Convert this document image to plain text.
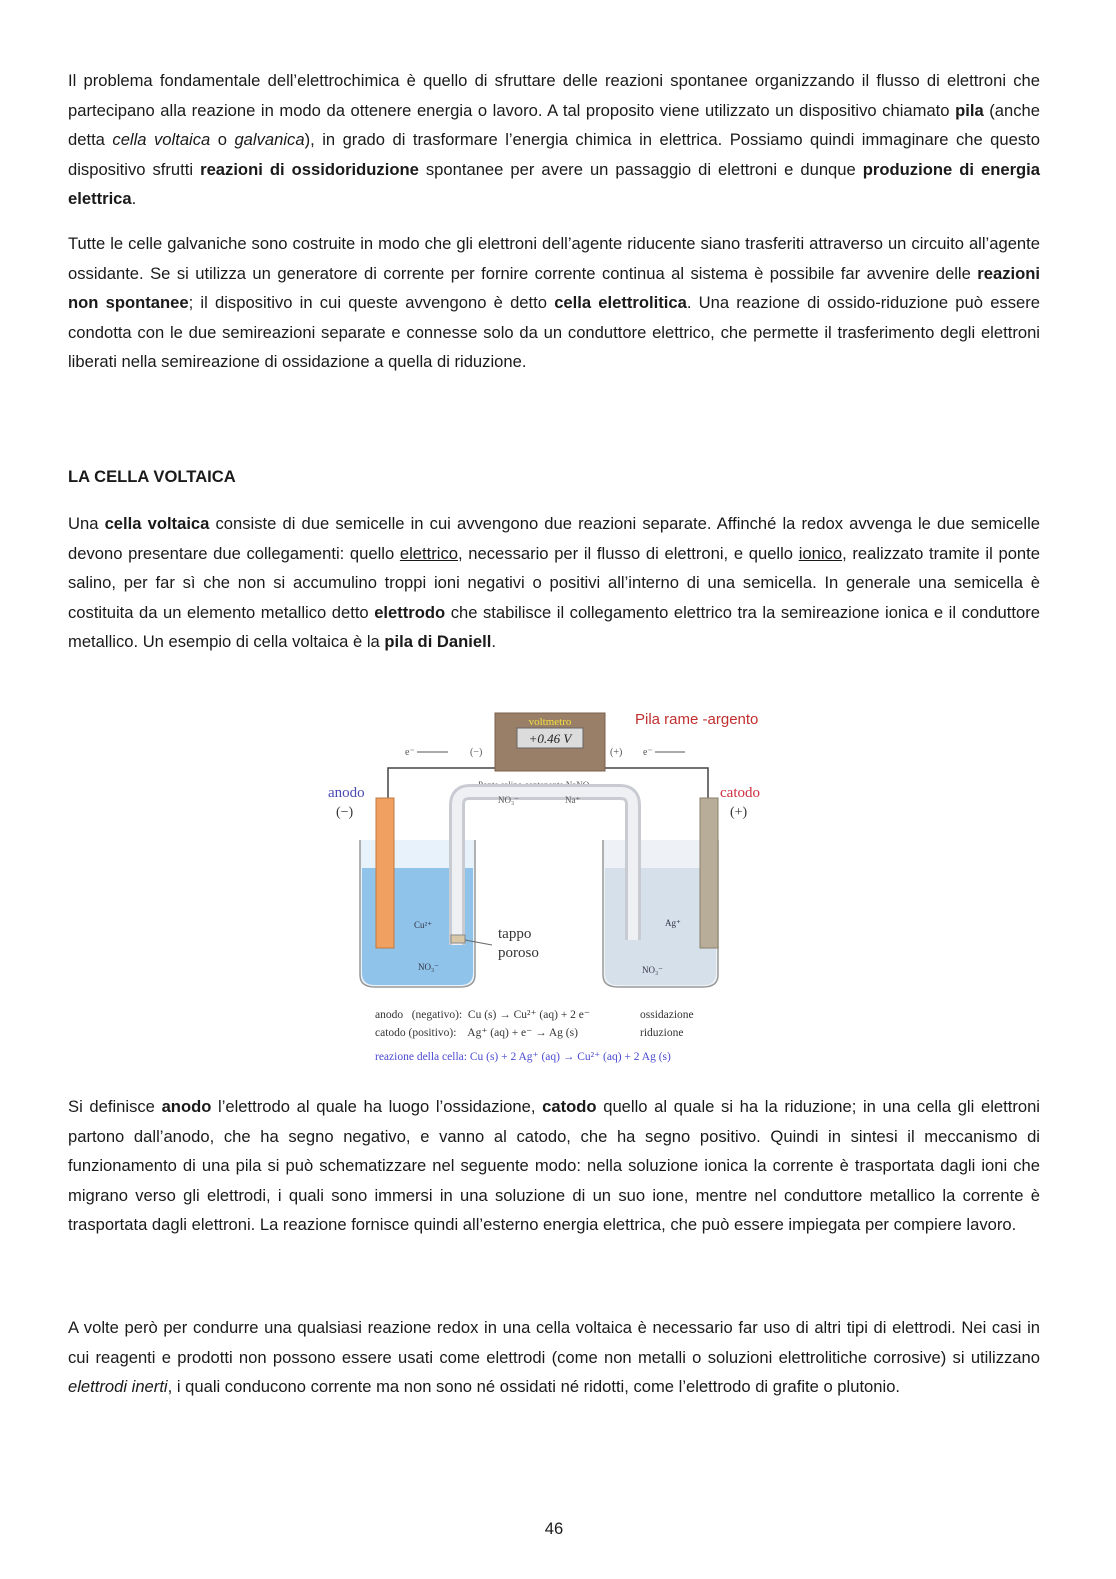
Il problema fondamentale dell’elettrochimica è quello di sfruttare delle reazioni spontanee organizzando il flusso di elettroni che partecipano alla reazione in modo da ottenere energia o lavoro. A tal proposito viene utilizzato un dispositivo chiamato pila (anche detta cella voltaica o galvanica), in grado di trasformare l’energia chimica in elettrica. Possiamo quindi immaginare che questo dispositivo sfrutti reazioni di ossidoriduzione spontanee per avere un passaggio di elettroni e dunque produzione di energia elettrica.

Tutte le celle galvaniche sono costruite in modo che gli elettroni dell’agente riducente siano trasferiti attraverso un circuito all’agente ossidante. Se si utilizza un generatore di corrente per fornire corrente continua al sistema è possibile far avvenire delle reazioni non spontanee; il dispositivo in cui queste avvengono è detto cella elettrolitica. Una reazione di ossido-riduzione può essere condotta con le due semireazioni separate e connesse solo da un conduttore elettrico, che permette il trasferimento degli elettroni liberati nella semireazione di ossidazione a quella di riduzione.

LA CELLA VOLTAICA

Una cella voltaica consiste di due semicelle in cui avvengono due reazioni separate. Affinché la redox avvenga le due semicelle devono presentare due collegamenti: quello elettrico, necessario per il flusso di elettroni, e quello ionico, realizzato tramite il ponte salino, per far sì che non si accumulino troppi ioni negativi o positivi all’interno di una semicella. In generale una semicella è costituita da un elemento metallico detto elettrodo che stabilisce il collegamento elettrico tra la semireazione ionica e il conduttore metallico. Un esempio di cella voltaica è la pila di Daniell.

voltmetro
+0.46 V
Pila rame -argento
(−)	(+)
e⁻	e⁻
anodo
(−)
catodo
(+)
Ponte salino contenente NaNO₃
NO₃⁻	Na⁺
tappo
poroso
Cu²⁺
NO₃⁻
Ag⁺
NO₃⁻
anodo   (negativo):  Cu (s) → Cu²⁺ (aq) + 2 e⁻	ossidazione
catodo (positivo):    Ag⁺ (aq) + e⁻ → Ag (s)	riduzione
reazione della cella: Cu (s) + 2 Ag⁺ (aq) → Cu²⁺ (aq) + 2 Ag (s)

Si definisce anodo l’elettrodo al quale ha luogo l’ossidazione, catodo quello al quale si ha la riduzione; in una cella gli elettroni partono dall’anodo, che ha segno negativo, e vanno al catodo, che ha segno positivo. Quindi in sintesi il meccanismo di funzionamento di una pila si può schematizzare nel seguente modo: nella soluzione ionica la corrente è trasportata dagli ioni che migrano verso gli elettrodi, i quali sono immersi in una soluzione di un suo ione, mentre nel conduttore metallico la corrente è trasportata dagli elettroni. La reazione fornisce quindi all’esterno energia elettrica, che può essere impiegata per compiere lavoro.

A volte però per condurre una qualsiasi reazione redox in una cella voltaica è necessario far uso di altri tipi di elettrodi. Nei casi in cui reagenti e prodotti non possono essere usati come elettrodi (come non metalli o soluzioni elettrolitiche corrosive) si utilizzano elettrodi inerti, i quali conducono corrente ma non sono né ossidati né ridotti, come l’elettrodo di grafite o plutonio.

46
